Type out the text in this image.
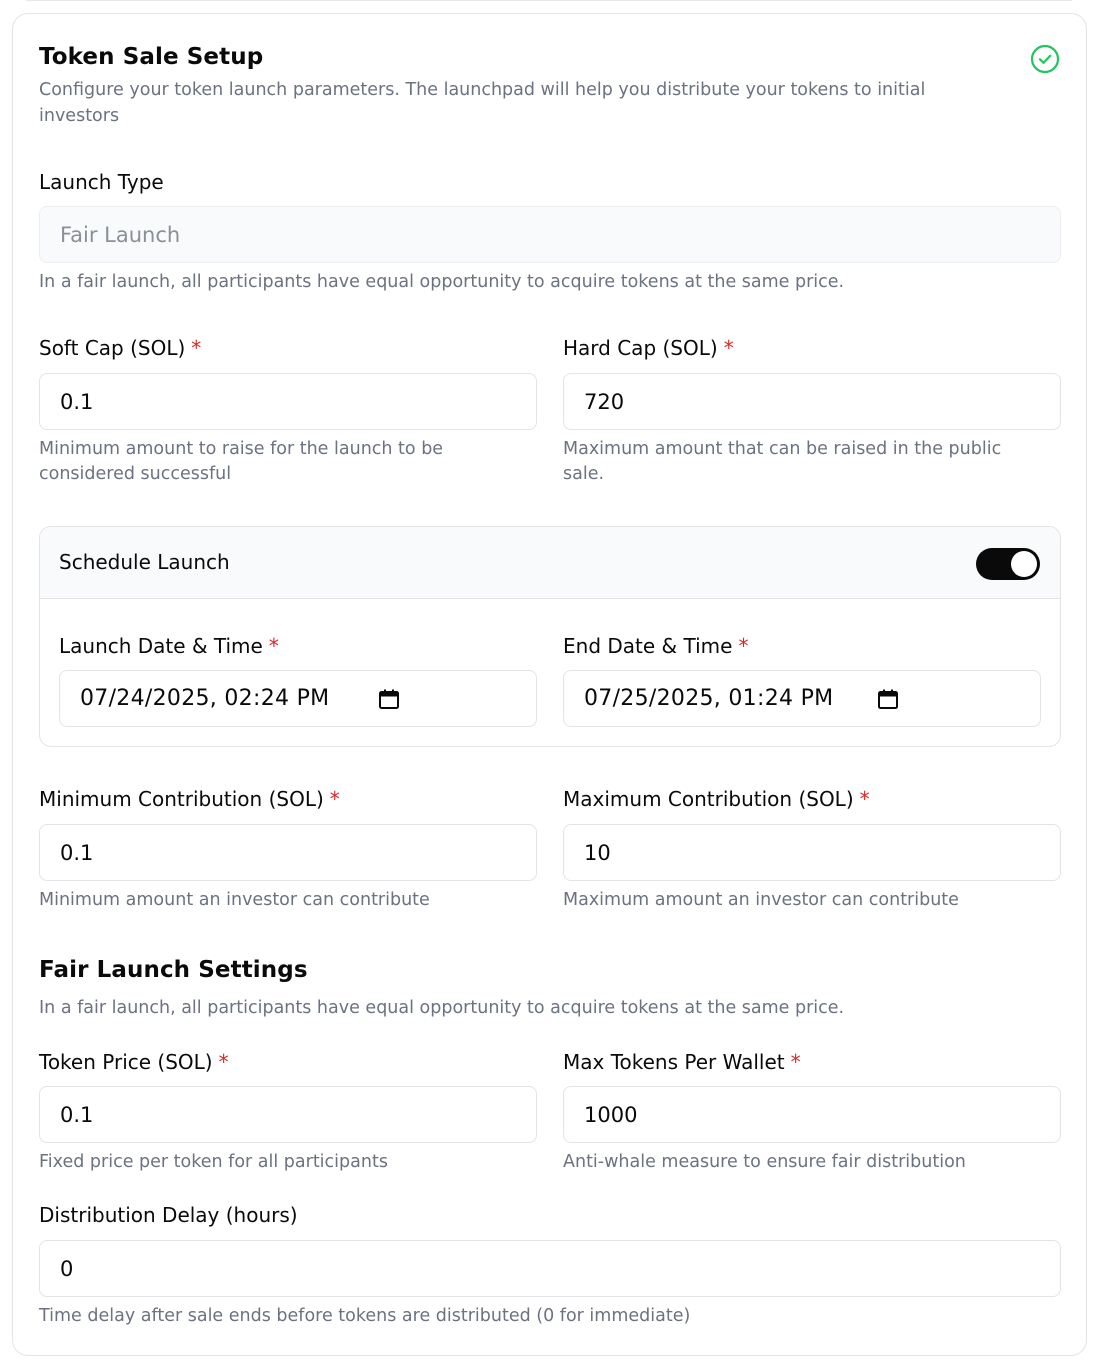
Token Sale Setup
Configure your token launch parameters. The launchpad will help you distribute your tokens to initial investors
Launch Type
Fair Launch
In a fair launch, all participants have equal opportunity to acquire tokens at the same price.
Soft Cap (SOL) *
0.1
Minimum amount to raise for the launch to be considered successful
Hard Cap (SOL) *
720
Maximum amount that can be raised in the public sale.
Schedule Launch
Launch Date & Time *
07/24/2025, 02:24 PM
End Date & Time *
07/25/2025, 01:24 PM
Minimum Contribution (SOL) *
0.1
Minimum amount an investor can contribute
Maximum Contribution (SOL) *
10
Maximum amount an investor can contribute
Fair Launch Settings
In a fair launch, all participants have equal opportunity to acquire tokens at the same price.
Token Price (SOL) *
0.1
Fixed price per token for all participants
Max Tokens Per Wallet *
1000
Anti-whale measure to ensure fair distribution
Distribution Delay (hours)
0
Time delay after sale ends before tokens are distributed (0 for immediate)
